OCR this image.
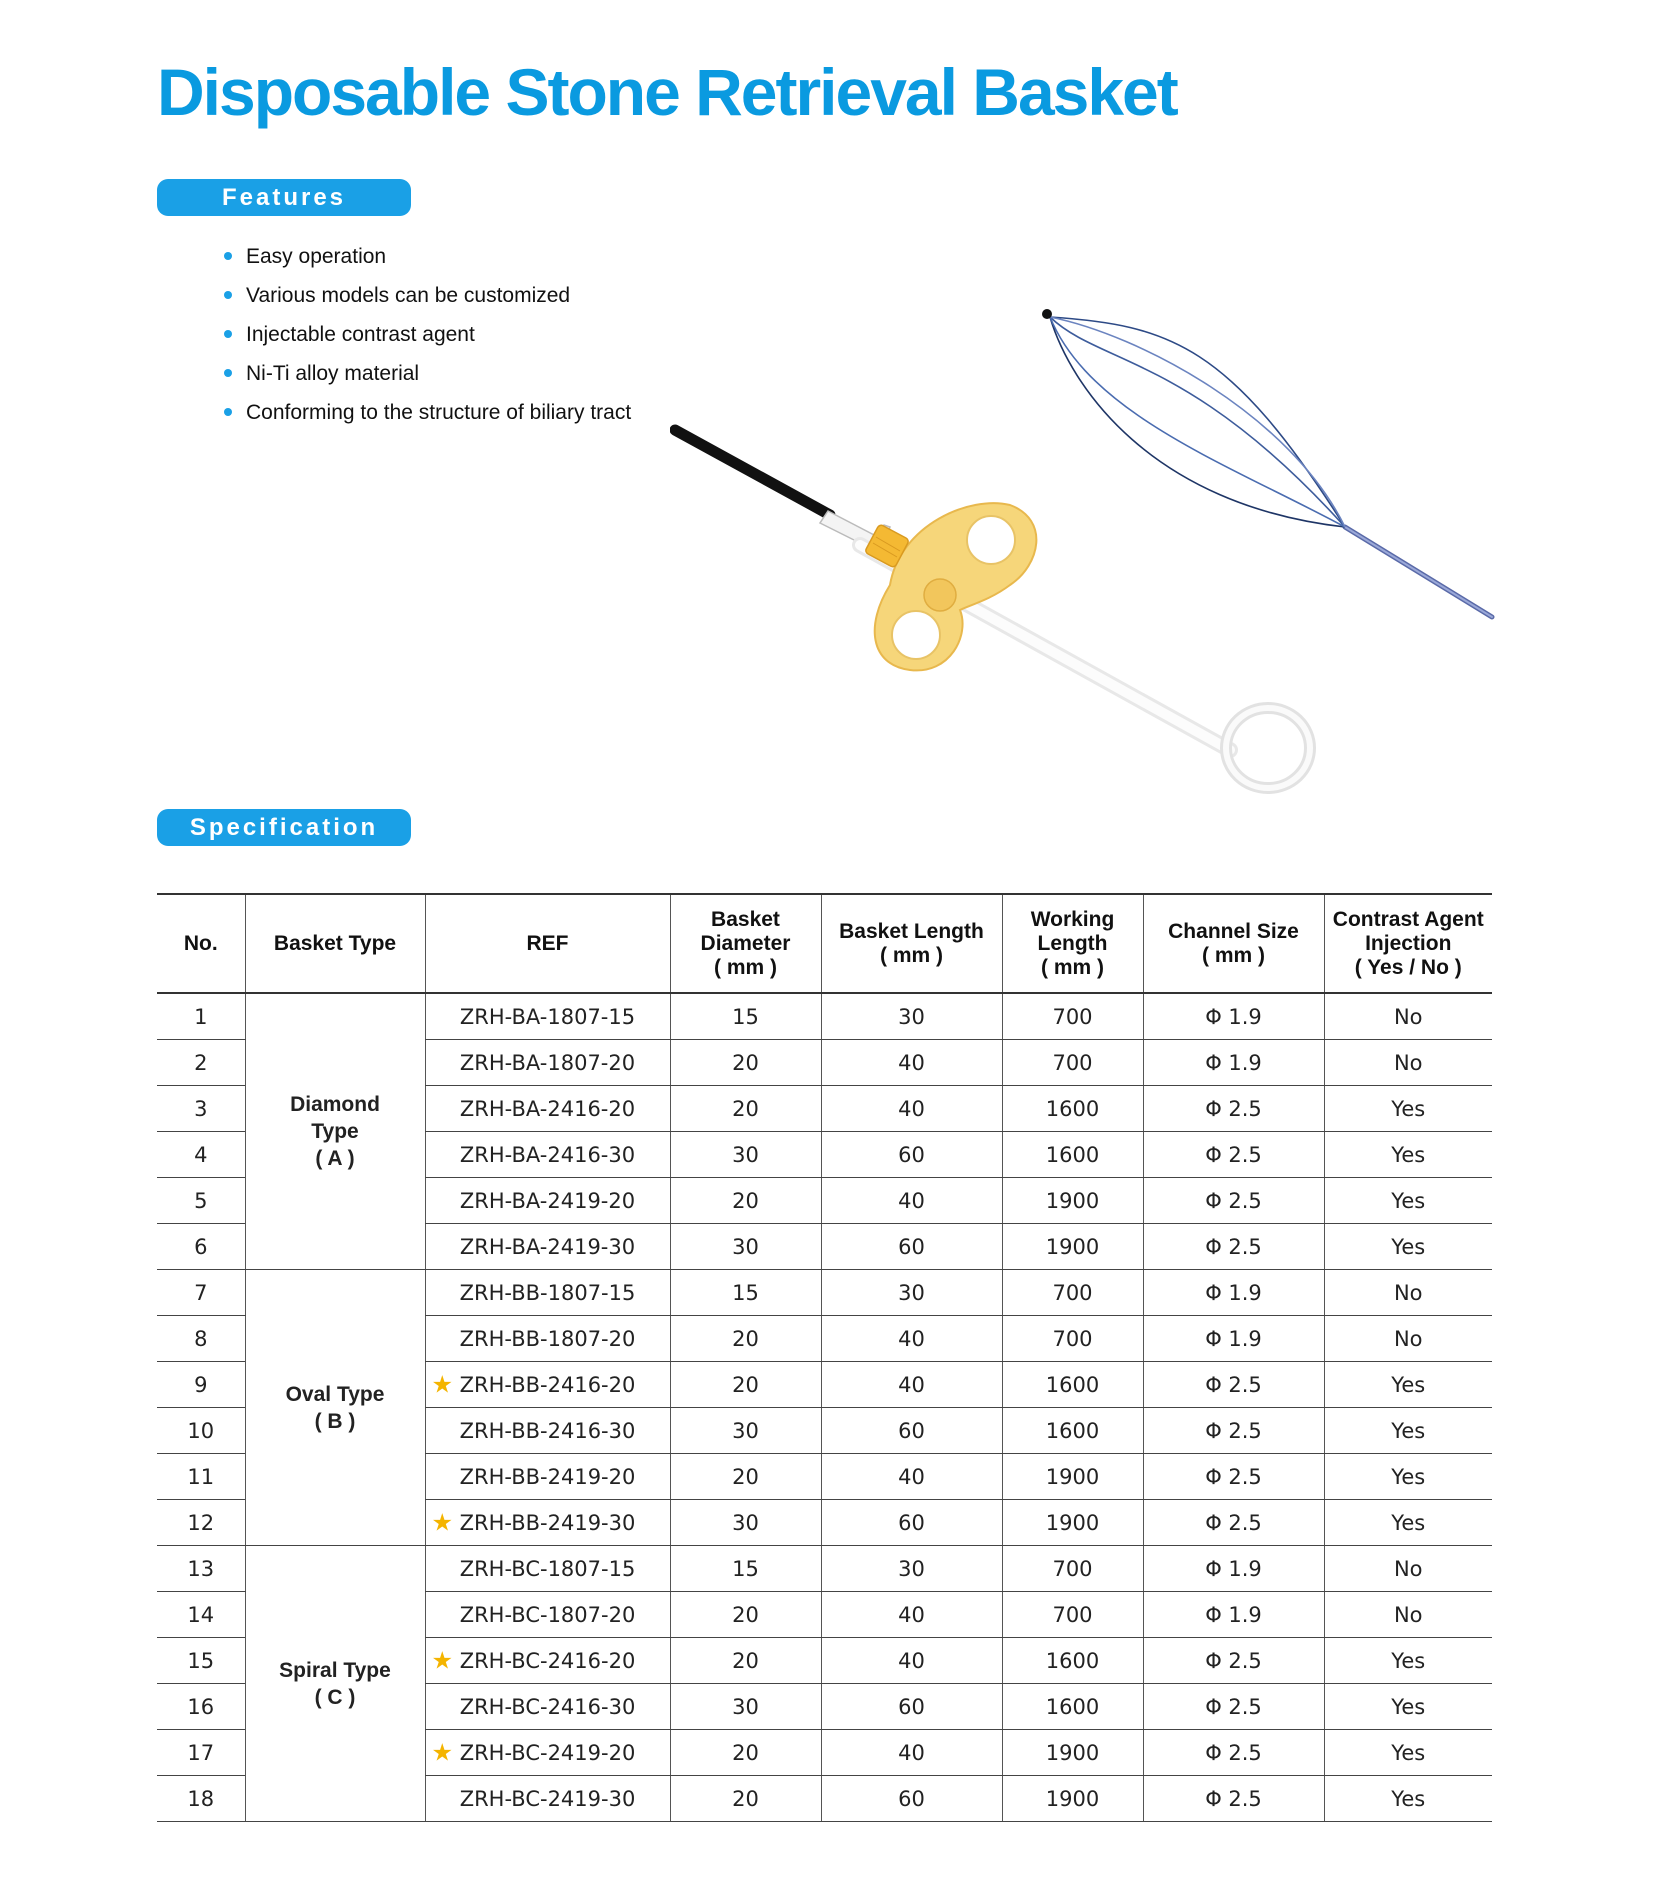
Disposable Stone Retrieval Basket
Features
Easy operation
Various models can be customized
Injectable contrast agent
Ni-Ti alloy material
Conforming to the structure of biliary tract
Specification
No.	Basket Type	REF	Basket
Diameter
( mm )	Basket Length
( mm )	Working
Length
( mm )	Channel Size
( mm )	Contrast Agent
Injection
( Yes / No )

1	Diamond
Type
( A )	ZRH-BA-1807-15	15	30	700	Φ 1.9	No
2		ZRH-BA-1807-20	20	40	700	Φ 1.9	No
3		ZRH-BA-2416-20	20	40	1600	Φ 2.5	Yes
4		ZRH-BA-2416-30	30	60	1600	Φ 2.5	Yes
5		ZRH-BA-2419-20	20	40	1900	Φ 2.5	Yes
6		ZRH-BA-2419-30	30	60	1900	Φ 2.5	Yes
7	Oval Type
( B )	ZRH-BB-1807-15	15	30	700	Φ 1.9	No
8		ZRH-BB-1807-20	20	40	700	Φ 1.9	No
9		★ ZRH-BB-2416-20	20	40	1600	Φ 2.5	Yes
10		ZRH-BB-2416-30	30	60	1600	Φ 2.5	Yes
11		ZRH-BB-2419-20	20	40	1900	Φ 2.5	Yes
12		★ ZRH-BB-2419-30	30	60	1900	Φ 2.5	Yes
13	Spiral Type
( C )	ZRH-BC-1807-15	15	30	700	Φ 1.9	No
14		ZRH-BC-1807-20	20	40	700	Φ 1.9	No
15		★ ZRH-BC-2416-20	20	40	1600	Φ 2.5	Yes
16		ZRH-BC-2416-30	30	60	1600	Φ 2.5	Yes
17		★ ZRH-BC-2419-20	20	40	1900	Φ 2.5	Yes
18		ZRH-BC-2419-30	20	60	1900	Φ 2.5	Yes
